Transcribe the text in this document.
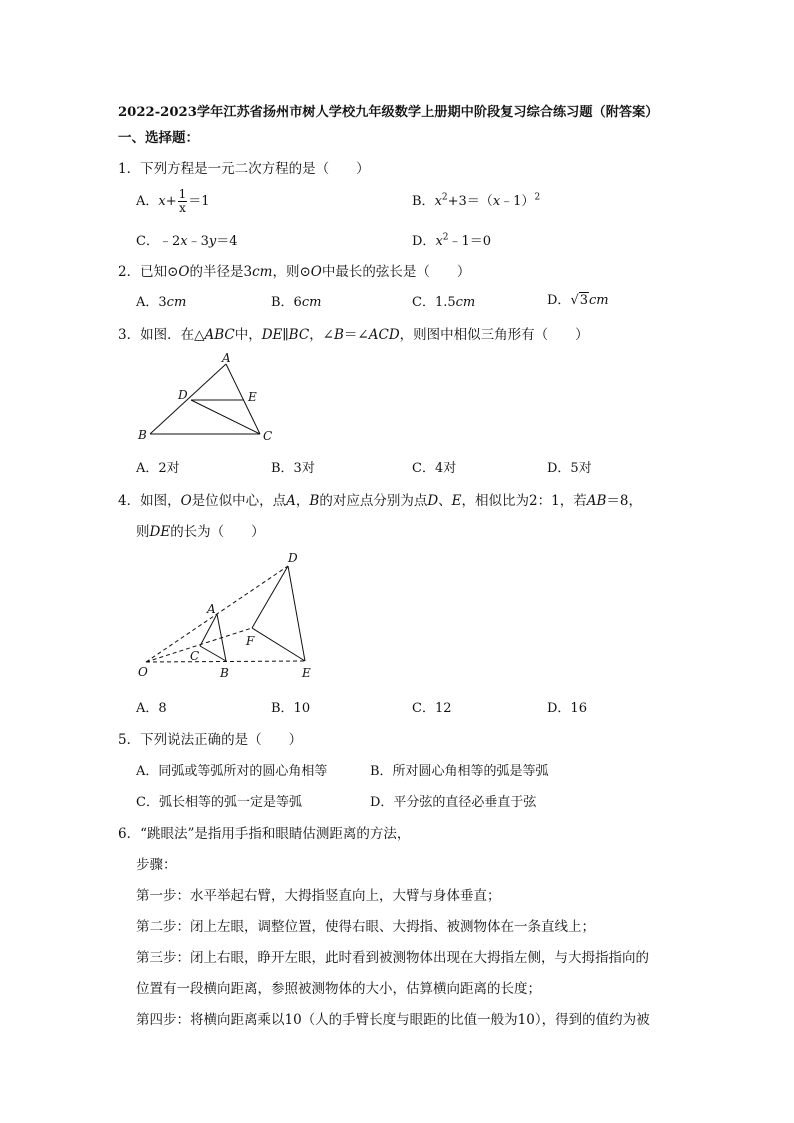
2022-2023学年江苏省扬州市树人学校九年级数学上册期中阶段复习综合练习题（附答案）
一、选择题：
1．下列方程是一元二次方程的是（　　）
A．$x+ \frac{1}{x} =1$	B．$x^2+3=(x﹣1)^2$
C．﹣2x﹣3y＝4	D．$x^2﹣1=0$
2．已知⊙O的半径是3cm，则⊙O中最长的弦长是（　　）
A．3cm	B．6cm	C．1.5cm	D．√3cm
3．如图．在△ABC中，DE∥BC，∠B＝∠ACD，则图中相似三角形有（　　）
A
D	E
B	C
A．2对	B．3对	C．4对	D．5对
4．如图，O是位似中心，点A，B的对应点分别为点D、E，相似比为2：1，若AB＝8，
则DE的长为（　　）
D
A
F
C
O	B	E
A．8	B．10	C．12	D．16
5．下列说法正确的是（　　）
A．同弧或等弧所对的圆心角相等	B．所对圆心角相等的弧是等弧
C．弧长相等的弧一定是等弧	D．平分弦的直径必垂直于弦
6．“跳眼法”是指用手指和眼睛估测距离的方法，
步骤：
第一步：水平举起右臂，大拇指竖直向上，大臂与身体垂直；
第二步：闭上左眼，调整位置，使得右眼、大拇指、被测物体在一条直线上；
第三步：闭上右眼，睁开左眼，此时看到被测物体出现在大拇指左侧，与大拇指指向的
位置有一段横向距离，参照被测物体的大小，估算横向距离的长度；
第四步：将横向距离乘以10（人的手臂长度与眼距的比值一般为10），得到的值约为被
